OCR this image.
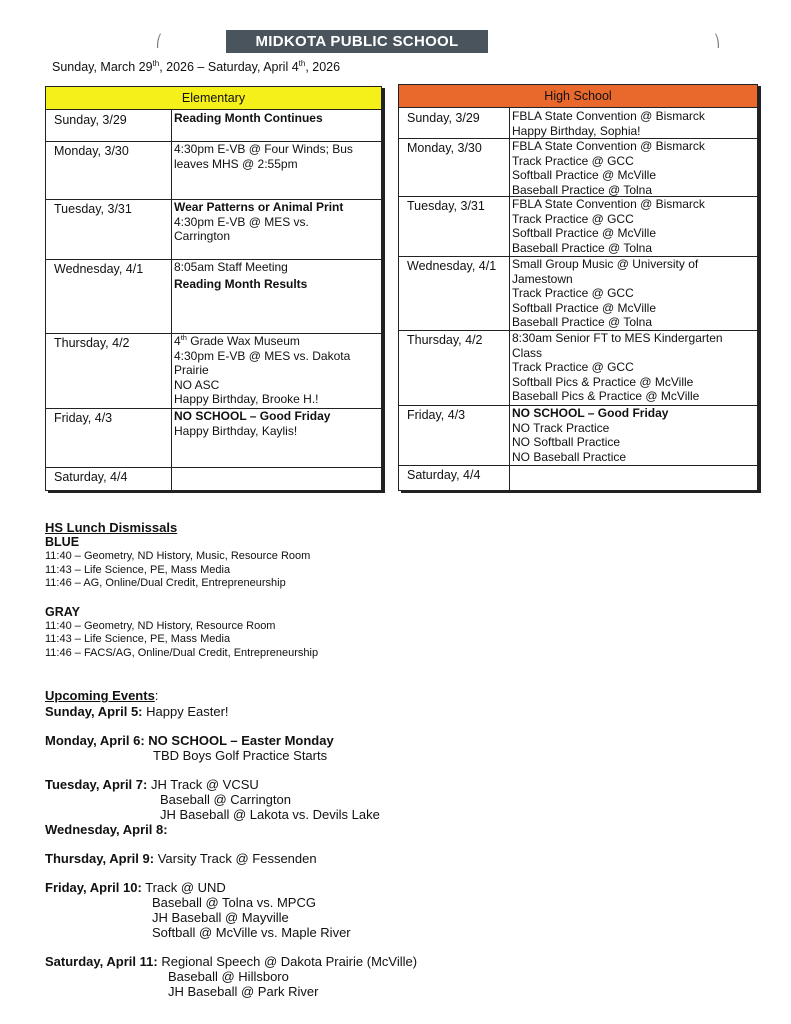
MIDKOTA PUBLIC SCHOOL
Sunday, March 29th, 2026 – Saturday, April 4th, 2026
Elementary
Sunday, 3/29	Reading Month Continues
Monday, 3/30	4:30pm E-VB @ Four Winds; Bus
leaves MHS @ 2:55pm
Tuesday, 3/31	Wear Patterns or Animal Print
4:30pm E-VB @ MES vs.
Carrington
Wednesday, 4/1	8:05am Staff Meeting
Reading Month Results
Thursday, 4/2	4th Grade Wax Museum
4:30pm E-VB @ MES vs. Dakota
Prairie
NO ASC
Happy Birthday, Brooke H.!
Friday, 4/3	NO SCHOOL – Good Friday
Happy Birthday, Kaylis!
Saturday, 4/4
High School
Sunday, 3/29	FBLA State Convention @ Bismarck
Happy Birthday, Sophia!
Monday, 3/30	FBLA State Convention @ Bismarck
Track Practice @ GCC
Softball Practice @ McVille
Baseball Practice @ Tolna
Tuesday, 3/31	FBLA State Convention @ Bismarck
Track Practice @ GCC
Softball Practice @ McVille
Baseball Practice @ Tolna
Wednesday, 4/1	Small Group Music @ University of
Jamestown
Track Practice @ GCC
Softball Practice @ McVille
Baseball Practice @ Tolna
Thursday, 4/2	8:30am Senior FT to MES Kindergarten
Class
Track Practice @ GCC
Softball Pics & Practice @ McVille
Baseball Pics & Practice @ McVille
Friday, 4/3	NO SCHOOL – Good Friday
NO Track Practice
NO Softball Practice
NO Baseball Practice
Saturday, 4/4
HS Lunch Dismissals
BLUE
11:40 – Geometry, ND History, Music, Resource Room
11:43 – Life Science, PE, Mass Media
11:46 – AG, Online/Dual Credit, Entrepreneurship
GRAY
11:40 – Geometry, ND History, Resource Room
11:43 – Life Science, PE, Mass Media
11:46 – FACS/AG, Online/Dual Credit, Entrepreneurship
Upcoming Events:
Sunday, April 5: Happy Easter!
Monday, April 6: NO SCHOOL – Easter Monday
TBD Boys Golf Practice Starts
Tuesday, April 7: JH Track @ VCSU
Baseball @ Carrington
JH Baseball @ Lakota vs. Devils Lake
Wednesday, April 8:
Thursday, April 9: Varsity Track @ Fessenden
Friday, April 10: Track @ UND
Baseball @ Tolna vs. MPCG
JH Baseball @ Mayville
Softball @ McVille vs. Maple River
Saturday, April 11: Regional Speech @ Dakota Prairie (McVille)
Baseball @ Hillsboro
JH Baseball @ Park River
⎛	⎞
